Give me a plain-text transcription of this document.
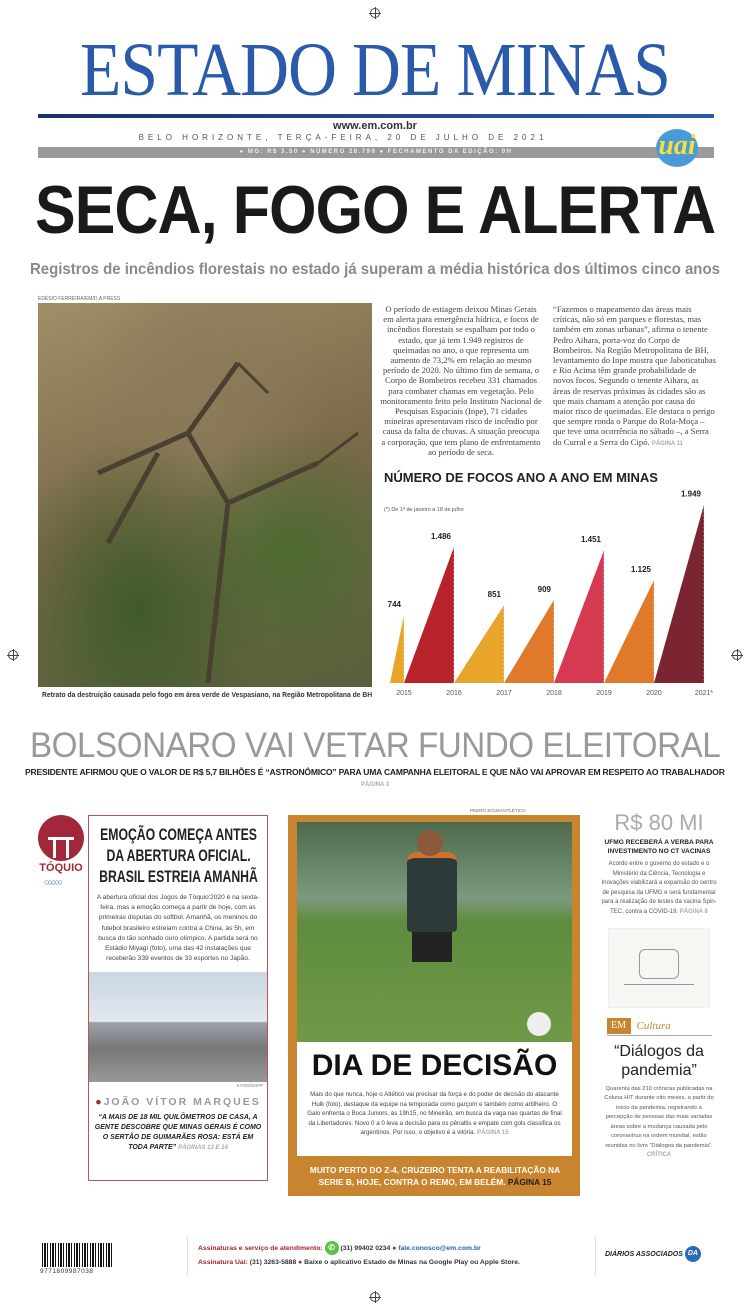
ESTADO DE MINAS
www.em.com.br
BELO HORIZONTE, TERÇA-FEIRA, 20 DE JULHO DE 2021
● MG: R$ 3,50 ● NÚMERO 28.799 ● FECHAMENTO DA EDIÇÃO: 0H	uai
SECA, FOGO E ALERTA
Registros de incêndios florestais no estado já superam a média histórica dos últimos cinco anos
EDÉSIO FERREIRA/EM/D.A PRESS
Retrato da destruição causada pelo fogo em área verde de Vespasiano, na Região Metropolitana de BH
O período de estiagem deixou Minas Gerais em alerta para emergência hídrica, e focos de incêndios florestais se espalham por todo o estado, que já tem 1.949 registros de queimadas no ano, o que representa um aumento de 73,2% em relação ao mesmo período de 2020. No último fim de semana, o Corpo de Bombeiros recebeu 331 chamados para combater chamas em vegetação. Pelo monitoramento feito pelo Instituto Nacional de Pesquisas Espaciais (Inpe), 71 cidades mineiras apresentavam risco de incêndio por causa da falta de chuvas. A situação preocupa a corporação, que tem plano de enfrentamento ao período de seca.
“Fazemos o mapeamento das áreas mais críticas, não só em parques e florestas, mas também em zonas urbanas”, afirma o tenente Pedro Aihara, porta-voz do Corpo de Bombeiros. Na Região Metropolitana de BH, levantamento do Inpe mostra que Jaboticatubas e Rio Acima têm grande probabilidade de novos focos. Segundo o tenente Aihara, as áreas de reservas próximas às cidades são as que mais chamam a atenção por causa do maior risco de queimadas. Ele destaca o perigo que sempre ronda o Parque do Rola-Moça – que teve uma ocorrência no sábado –, a Serra do Curral e a Serra do Cipó. PÁGINA 11
744
2015
1.486
2016
851
2017
909
2018
1.451
2019
1.125
2020
1.949
2021*
NÚMERO DE FOCOS ANO A ANO EM MINAS
(*) De 1º de janeiro a 18 de julho
BOLSONARO VAI VETAR FUNDO ELEITORAL
PRESIDENTE AFIRMOU QUE O VALOR DE R$ 5,7 BILHÕES É “ASTRONÔMICO” PARA UMA CAMPANHA ELEITORAL E QUE NÃO VAI APROVAR EM RESPEITO AO TRABALHADOR
PÁGINA 3
TÓQUIO
○○○○○
EMOÇÃO COMEÇA ANTES DA ABERTURA OFICIAL. BRASIL ESTREIA AMANHÃ
A abertura oficial dos Jogos de Tóquio'2020 é na sexta-feira, mas a emoção começa a partir de hoje, com as primeiras disputas do softbol. Amanhã, os meninos do futebol brasileiro estreiam contra a China, às 5h, em busca do tão sonhado ouro olímpico. A partida será no Estádio Miyagi (foto), uma das 42 instalações que receberão 339 eventos de 33 esportes no Japão.
KYODO/AFP
●JOÃO VÍTOR MARQUES
“A MAIS DE 18 MIL QUILÔMETROS DE CASA, A GENTE DESCOBRE QUE MINAS GERAIS É COMO O SERTÃO DE GUIMARÃES ROSA: ESTÁ EM TODA PARTE” PÁGINAS 13 E 14
PEDRO SOUZA/ATLÉTICO
DIA DE DECISÃO
Mais do que nunca, hoje o Atlético vai precisar da força e do poder de decisão do atacante Hulk (foto), destaque da equipe na temporada como garçom e também como artilheiro. O Galo enfrenta o Boca Juniors, às 19h15, no Mineirão, em busca da vaga nas quartas de final da Libertadores. Novo 0 a 0 leva a decisão para os pênaltis e empate com gols classifica os argentinos. Por isso, o objetivo é a vitória. PÁGINA 15
MUITO PERTO DO Z-4, CRUZEIRO TENTA A REABILITAÇÃO NA SERIE B, HOJE, CONTRA O REMO, EM BELÉM. PÁGINA 15
R$ 80 MI
UFMG RECEBERÁ A VERBA PARA INVESTIMENTO NO CT VACINAS
Acordo entre o governo do estado e o Ministério da Ciência, Tecnologia e Inovações viabilizará a expansão do centro de pesquisa da UFMG e será fundamental para a realização de testes da vacina Spin-TEC, contra a COVID-19. PÁGINA 8
EM Cultura
“Diálogos da pandemia”
Quarenta das 210 crônicas publicadas na Coluna HIT durante oito meses, a partir do início da pandemia, registrando a percepção de pessoas das mais variadas áreas sobre a mudança causada pelo coronavírus na ordem mundial, estão reunidas no livro “Diálogos da pandemia”. CRÍTICA
9771809987038
Assinaturas e serviço de atendimento: ✆ (31) 99402 0234 ● fale.conosco@em.com.br
Assinatura Uai: (31) 3263-5888 ● Baixe o aplicativo Estado de Minas na Google Play ou Apple Store.
DIÁRIOS ASSOCIADOS DA
